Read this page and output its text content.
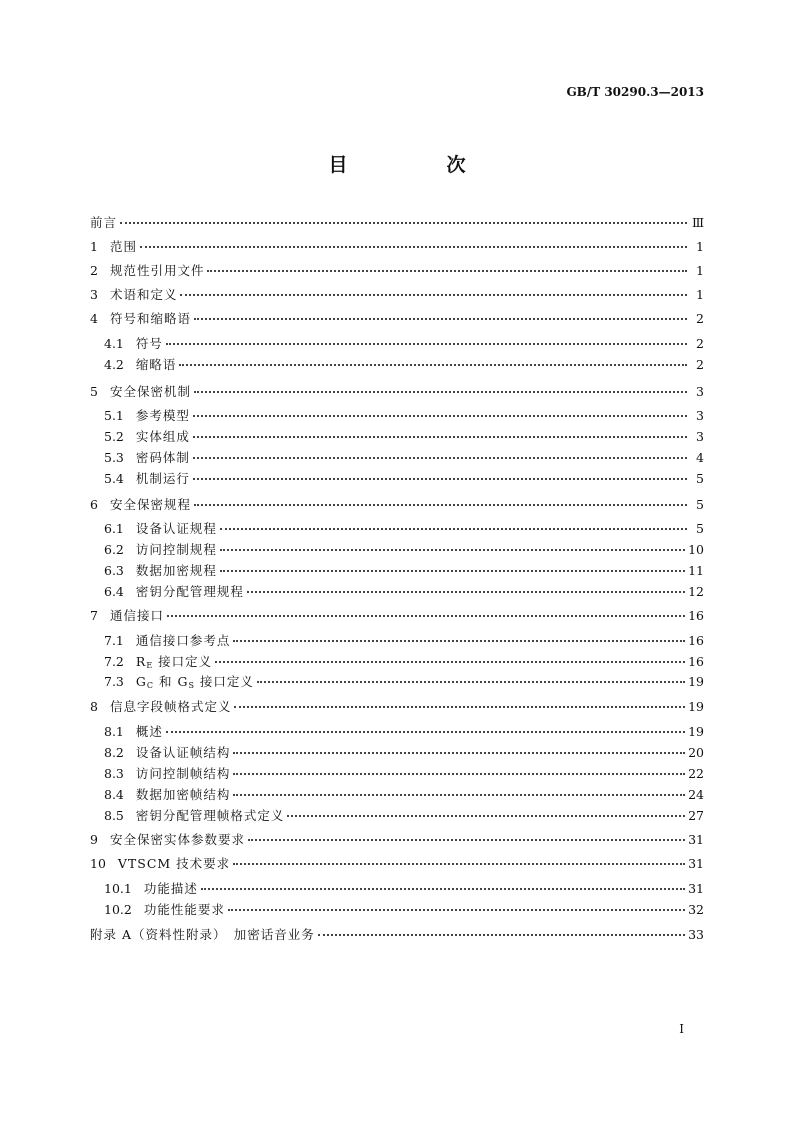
GB/T 30290.3—2013
目　次
前言	Ⅲ
1 范围	1
2 规范性引用文件	1
3 术语和定义	1
4 符号和缩略语	2
4.1 符号	2
4.2 缩略语	2
5 安全保密机制	3
5.1 参考模型	3
5.2 实体组成	3
5.3 密码体制	4
5.4 机制运行	5
6 安全保密规程	5
6.1 设备认证规程	5
6.2 访问控制规程	10
6.3 数据加密规程	11
6.4 密钥分配管理规程	12
7 通信接口	16
7.1 通信接口参考点	16
7.2 $R_E$ 接口定义	16
7.3 $G_C$ 和 $G_S$ 接口定义	19
8 信息字段帧格式定义	19
8.1 概述	19
8.2 设备认证帧结构	20
8.3 访问控制帧结构	22
8.4 数据加密帧结构	24
8.5 密钥分配管理帧格式定义	27
9 安全保密实体参数要求	31
10 VTSCM 技术要求	31
10.1 功能描述	31
10.2 功能性能要求	32
附录 A（资料性附录）　加密话音业务	33
I
